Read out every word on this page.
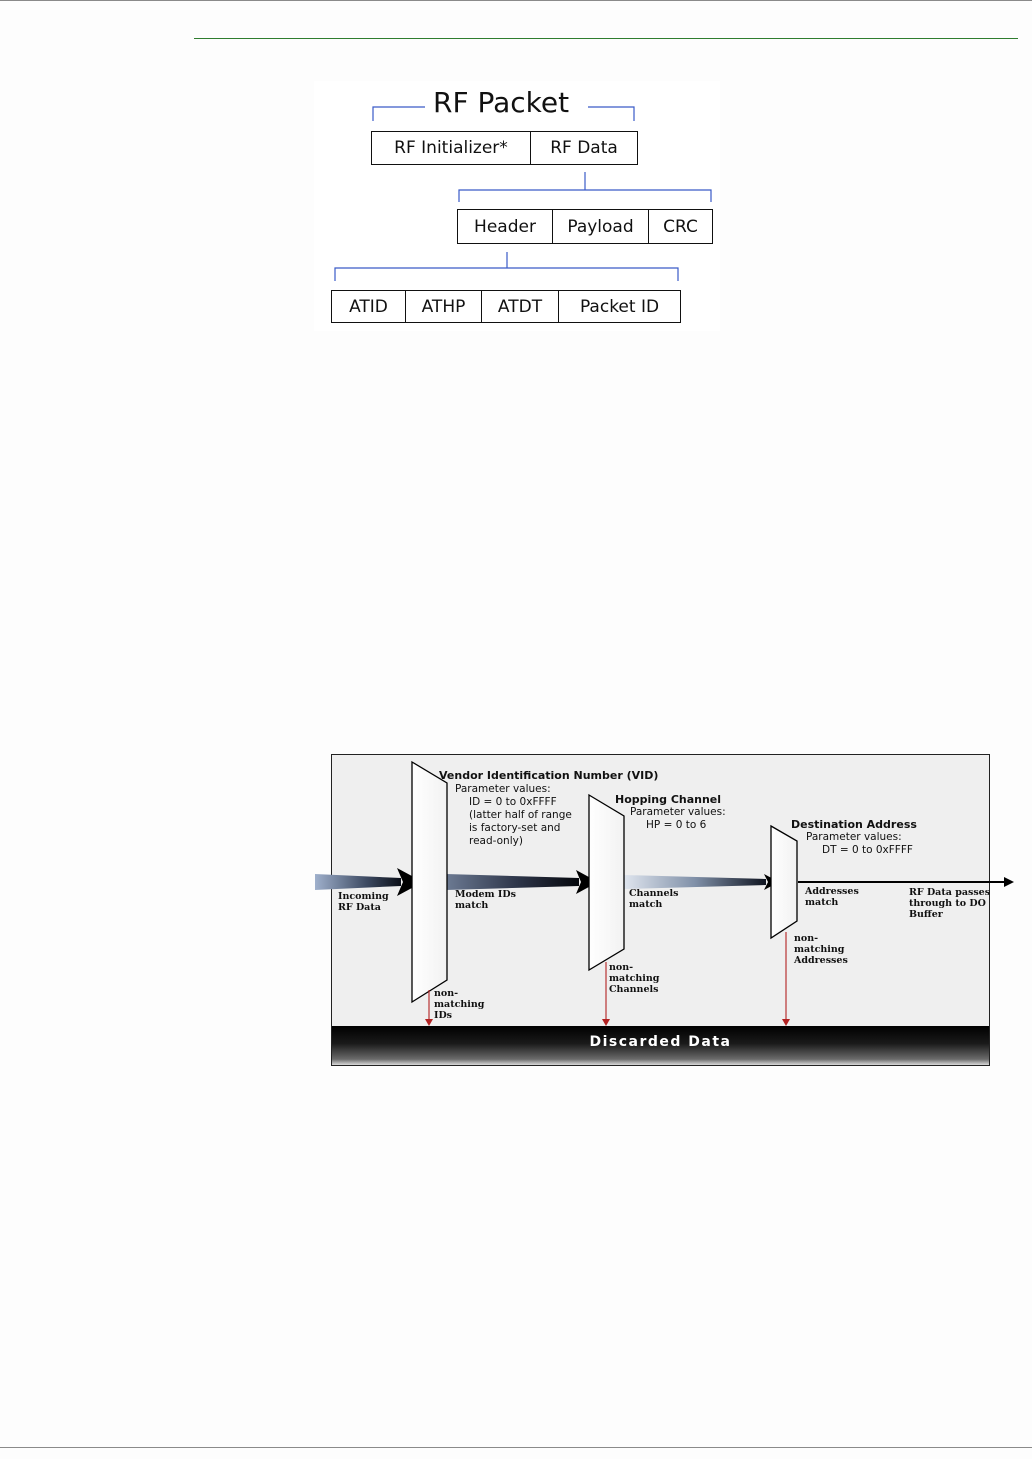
RF Packet
RF Initializer*	RF Data
Header	Payload	CRC
ATID	ATHP	ATDT	Packet ID
Discarded Data
Vendor Identification Number (VID)
Parameter values:
ID = 0 to 0xFFFF
(latter half of range
is factory-set and
read-only)
Hopping Channel
Parameter values:
HP = 0 to 6	Destination Address
Parameter values:
DT = 0 to 0xFFFF
Incoming RF Data
Modem IDs match
Channels match
Addresses match
RF Data passes through to DO Buffer
non-matching Addresses
non-matching Channels
non-matching IDs
